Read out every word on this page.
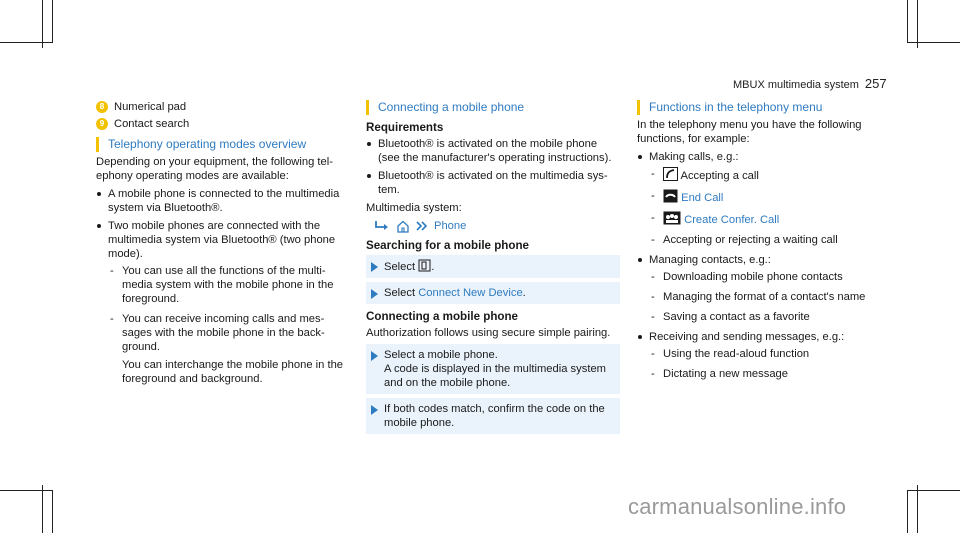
MBUX multimedia system 257
8 Numerical pad
9 Contact search
Telephony operating modes overview

Depending on your equipment, the following telephony operating modes are available:

A mobile phone is connected to the multimedia system via Bluetooth®.
Two mobile phones are connected with the multimedia system via Bluetooth® (two phone mode).
- You can use all the functions of the multimedia system with the mobile phone in the foreground.
- You can receive incoming calls and messages with the mobile phone in the background.
You can interchange the mobile phone in the foreground and background.
Connecting a mobile phone
Requirements
Bluetooth® is activated on the mobile phone (see the manufacturer's operating instructions).
Bluetooth® is activated on the multimedia system.

Multimedia system:

Phone
Searching for a mobile phone
Select .
Select Connect New Device.
Connecting a mobile phone

Authorization follows using secure simple pairing.

Select a mobile phone.
A code is displayed in the multimedia system and on the mobile phone.
If both codes match, confirm the code on the mobile phone.
Functions in the telephony menu

In the telephony menu you have the following functions, for example:

Making calls, e.g.:
- Accepting a call
- End Call
- Create Confer. Call
- Accepting or rejecting a waiting call
Managing contacts, e.g.:
- Downloading mobile phone contacts
- Managing the format of a contact's name
- Saving a contact as a favorite
Receiving and sending messages, e.g.:
- Using the read-aloud function
- Dictating a new message
carmanualsonline.info
